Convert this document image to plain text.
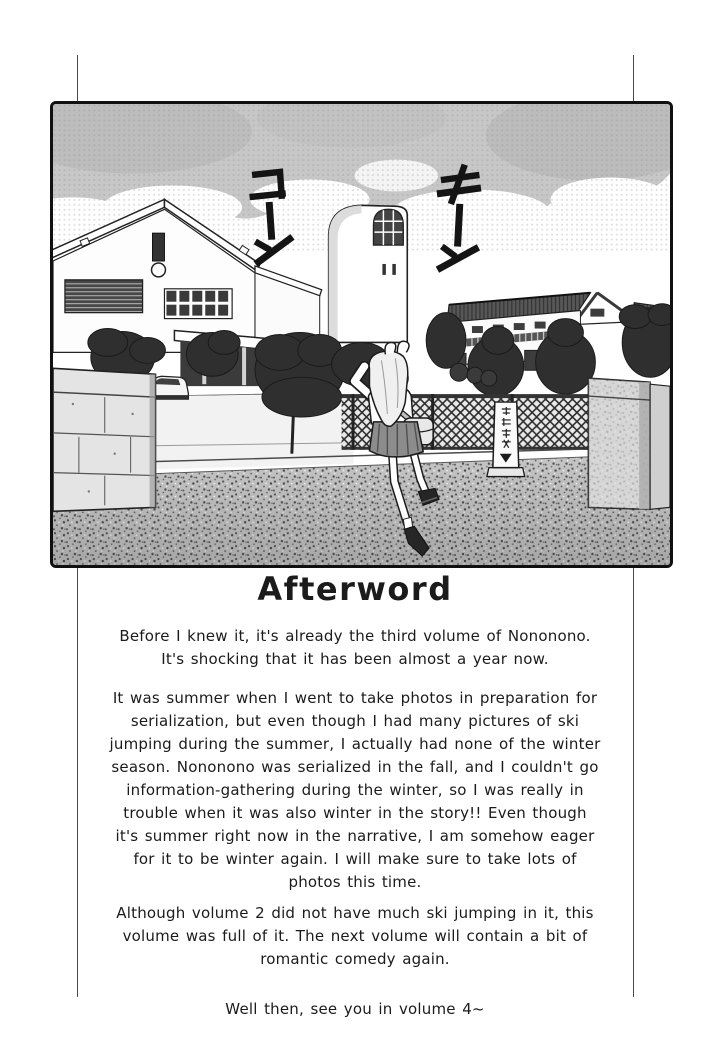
Afterword
Before I knew it, it's already the third volume of Nononono.
It's shocking that it has been almost a year now.
It was summer when I went to take photos in preparation for
serialization, but even though I had many pictures of ski
jumping during the summer, I actually had none of the winter
season. Nononono was serialized in the fall, and I couldn't go
information-gathering during the winter, so I was really in
trouble when it was also winter in the story!! Even though
it's summer right now in the narrative, I am somehow eager
for it to be winter again. I will make sure to take lots of
photos this time.
Although volume 2 did not have much ski jumping in it, this
volume was full of it. The next volume will contain a bit of
romantic comedy again.
Well then, see you in volume 4~
